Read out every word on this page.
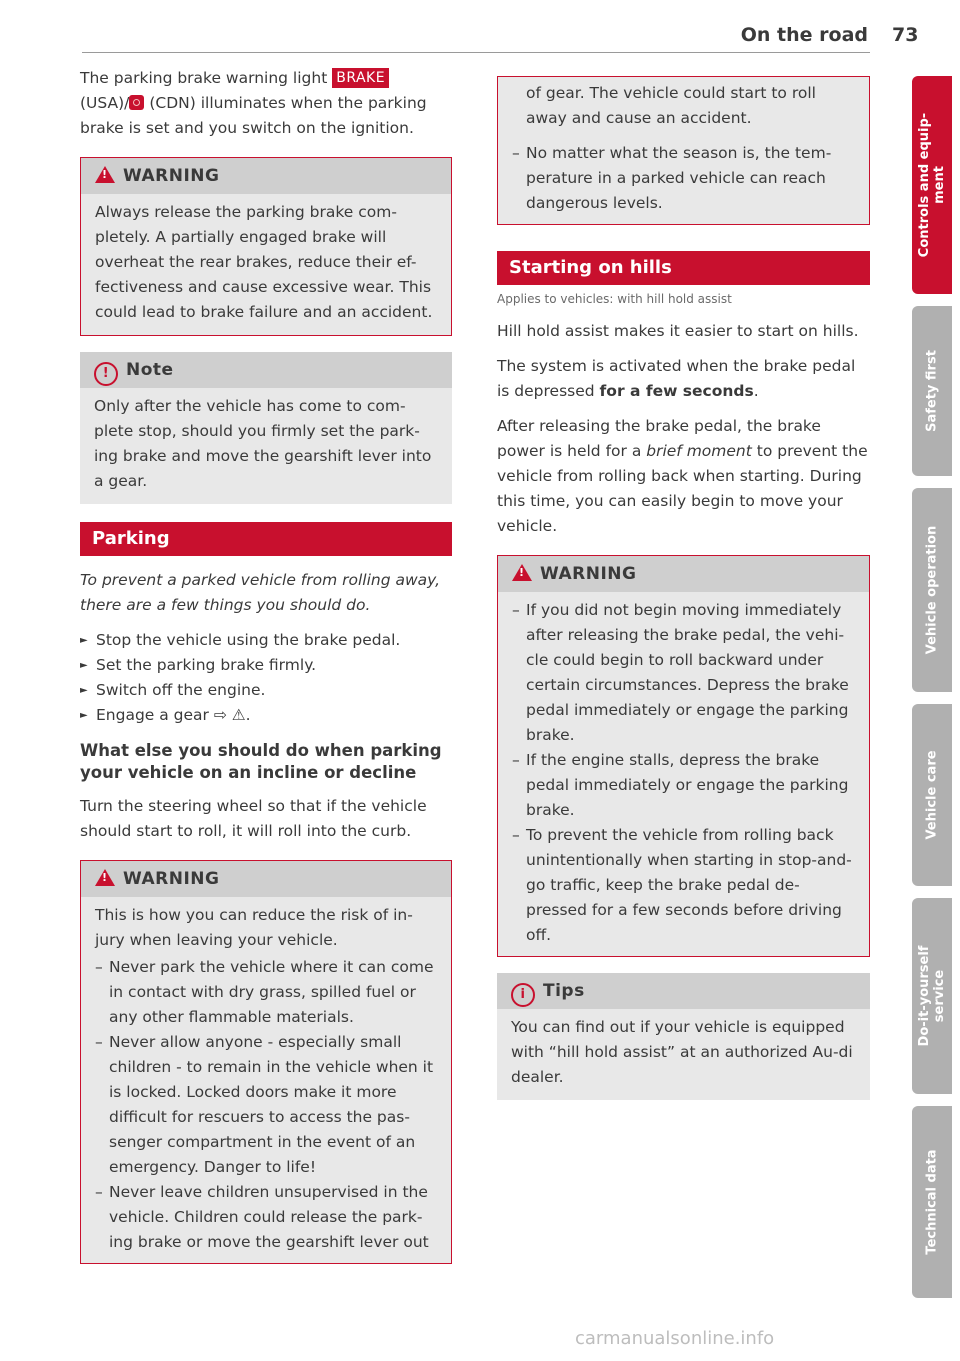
On the road 73

The parking brake warning light BRAKE
(USA)/ (CDN) illuminates when the parking brake is set and you switch on the ignition.

!WARNING

Always release the parking brake com-pletely. A partially engaged brake will overheat the rear brakes, reduce their ef-fectiveness and cause excessive wear. This could lead to brake failure and an accident.

! Note

Only after the vehicle has come to com-plete stop, should you firmly set the park-ing brake and move the gearshift lever into a gear.

Parking

To prevent a parked vehicle from rolling away, there are a few things you should do.

► Stop the vehicle using the brake pedal.
► Set the parking brake firmly.
► Switch off the engine.
► Engage a gear ⇨ ⚠.
What else you should do when parking your vehicle on an incline or decline

Turn the steering wheel so that if the vehicle should start to roll, it will roll into the curb.

!WARNING

This is how you can reduce the risk of in-jury when leaving your vehicle.

– Never park the vehicle where it can come in contact with dry grass, spilled fuel or any other flammable materials.
– Never allow anyone - especially small children - to remain in the vehicle when it is locked. Locked doors make it more difficult for rescuers to access the pas-senger compartment in the event of an emergency. Danger to life!
– Never leave children unsupervised in the vehicle. Children could release the park-ing brake or move the gearshift lever out

of gear. The vehicle could start to roll away and cause an accident.

– No matter what the season is, the tem-perature in a parked vehicle can reach dangerous levels.
Starting on hills
Applies to vehicles: with hill hold assist

Hill hold assist makes it easier to start on hills.

The system is activated when the brake pedal is depressed for a few seconds.

After releasing the brake pedal, the brake power is held for a brief moment to prevent the vehicle from rolling back when starting. During this time, you can easily begin to move your vehicle.

!WARNING
– If you did not begin moving immediately after releasing the brake pedal, the vehi-cle could begin to roll backward under certain circumstances. Depress the brake pedal immediately or engage the parking brake.
– If the engine stalls, depress the brake pedal immediately or engage the parking brake.
– To prevent the vehicle from rolling back unintentionally when starting in stop-and-go traffic, keep the brake pedal de-pressed for a few seconds before driving off.
i Tips

You can find out if your vehicle is equipped with “hill hold assist” at an authorized Au-di dealer.

Controls and equip-
ment
Safety first
Vehicle operation
Vehicle care
Do-it-yourself
service
Technical data
carmanualsonline.info
